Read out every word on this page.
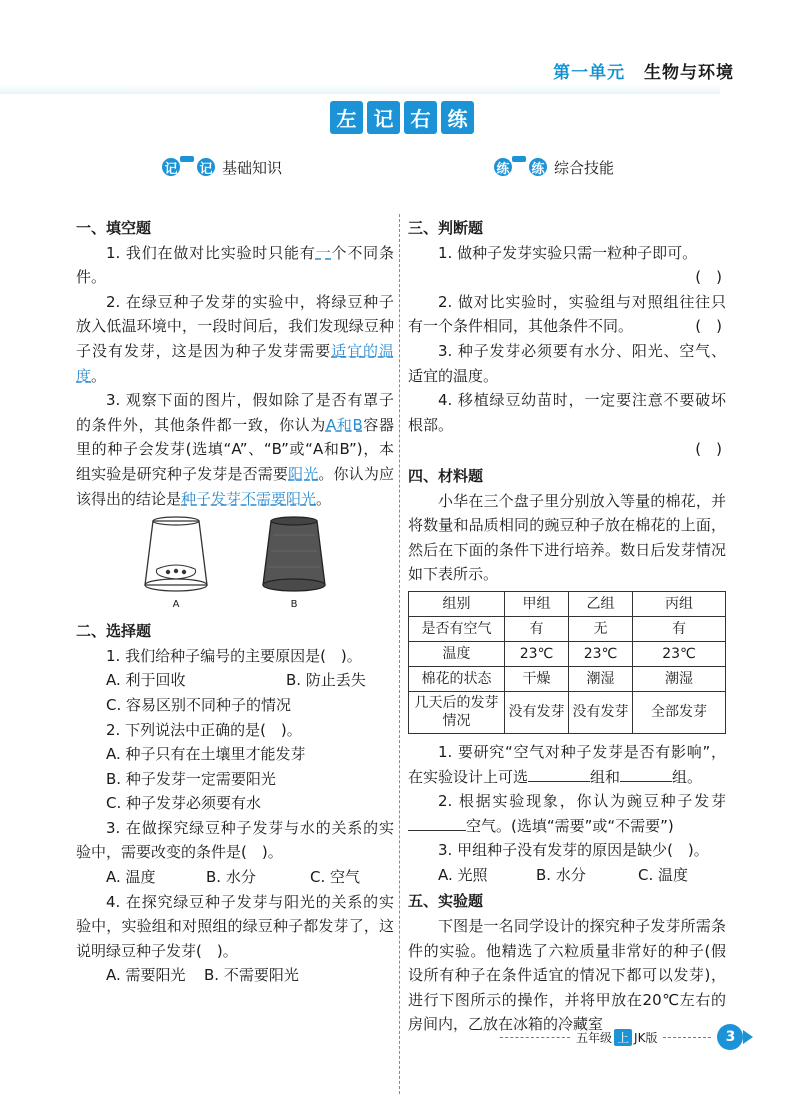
第一单元 生物与环境
左 记 右 练
记	记 基础知识	练	练 综合技能
一、填空题
1. 我们在做对比实验时只能有一个不同条件。
2. 在绿豆种子发芽的实验中，将绿豆种子放入低温环境中，一段时间后，我们发现绿豆种子没有发芽，这是因为种子发芽需要适宜的温度。
3. 观察下面的图片，假如除了是否有罩子的条件外，其他条件都一致，你认为A和B容器里的种子会发芽(选填“A”、“B”或“A和B”)，本组实验是研究种子发芽是否需要阳光。你认为应该得出的结论是种子发芽不需要阳光。
A	B
二、选择题
1. 我们给种子编号的主要原因是(　)。
A. 利于回收	B. 防止丢失
C. 容易区别不同种子的情况
2. 下列说法中正确的是(　)。
A. 种子只有在土壤里才能发芽
B. 种子发芽一定需要阳光
C. 种子发芽必须要有水
3. 在做探究绿豆种子发芽与水的关系的实验中，需要改变的条件是(　)。
A. 温度	B. 水分	C. 空气
4. 在探究绿豆种子发芽与阳光的关系的实验中，实验组和对照组的绿豆种子都发芽了，这说明绿豆种子发芽(　)。
A. 需要阳光	B. 不需要阳光
三、判断题
1. 做种子发芽实验只需一粒种子即可。
(　)
2. 做对比实验时，实验组与对照组往往只有一个条件相同，其他条件不同。	(　)
3. 种子发芽必须要有水分、阳光、空气、适宜的温度。
4. 移植绿豆幼苗时，一定要注意不要破坏根部。
(　)
四、材料题
小华在三个盘子里分别放入等量的棉花，并将数量和品质相同的豌豆种子放在棉花的上面，然后在下面的条件下进行培养。数日后发芽情况如下表所示。
组别	甲组	乙组	丙组
是否有空气	有	无	有
温度	23℃	23℃	23℃
棉花的状态	干燥	潮湿	潮湿
几天后的发芽情况	没有发芽	没有发芽	全部发芽
1. 要研究“空气对种子发芽是否有影响”，在实验设计上可选	组和	组。
2. 根据实验现象，你认为豌豆种子发芽空气。(选填“需要”或“不需要”)
3. 甲组种子没有发芽的原因是缺少(　)。
A. 光照	B. 水分	C. 温度
五、实验题
下图是一名同学设计的探究种子发芽所需条件的实验。他精选了六粒质量非常好的种子(假设所有种子在条件适宜的情况下都可以发芽)，进行下图所示的操作，并将甲放在20℃左右的房间内，乙放在冰箱的冷藏室
五年级 上 JK版	3
